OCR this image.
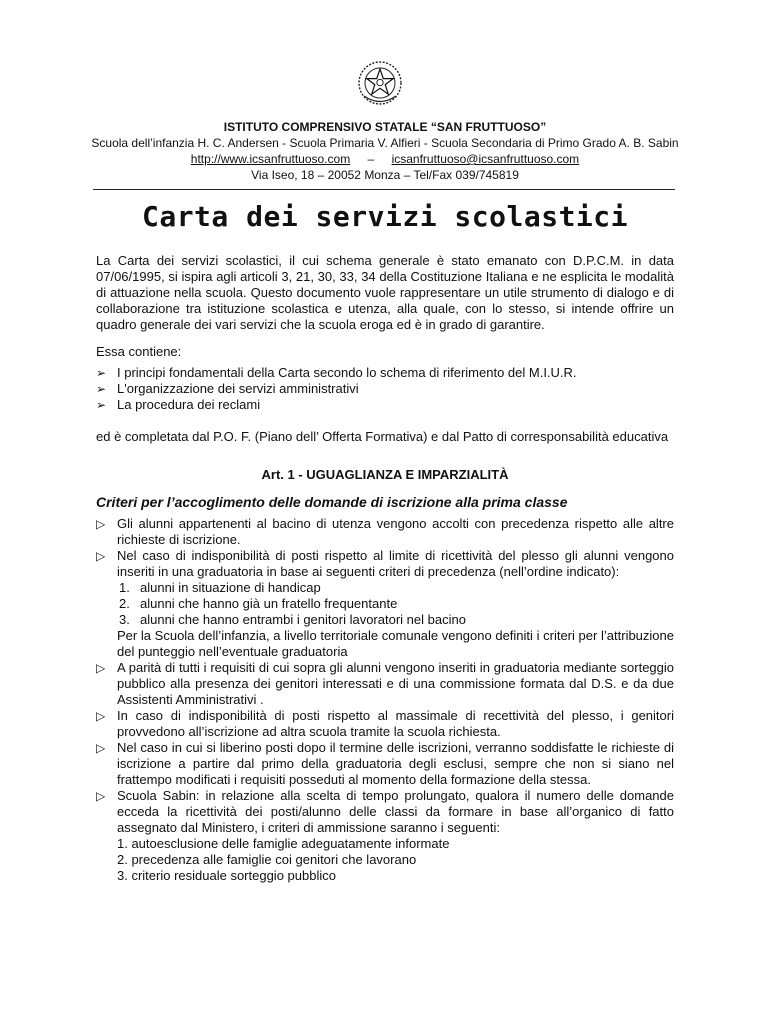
ISTITUTO COMPRENSIVO STATALE “SAN FRUTTUOSO”
Scuola dell’infanzia H. C. Andersen - Scuola Primaria V. Alfieri - Scuola Secondaria di Primo Grado A. B. Sabin
http://www.icsanfruttuoso.com – icsanfruttuoso@icsanfruttuoso.com
Via Iseo, 18 – 20052 Monza – Tel/Fax 039/745819
Carta dei servizi scolastici
La Carta dei servizi scolastici, il cui schema generale è stato emanato con D.P.C.M. in data 07/06/1995, si ispira agli articoli 3, 21, 30, 33, 34 della Costituzione Italiana e ne esplicita le modalità di attuazione nella scuola. Questo documento vuole rappresentare un utile strumento di dialogo e di collaborazione tra istituzione scolastica e utenza, alla quale, con lo stesso, si intende offrire un quadro generale dei vari servizi che la scuola eroga ed è in grado di garantire.
Essa contiene:
➢ I principi fondamentali della Carta secondo lo schema di riferimento del M.I.U.R.
➢ L'organizzazione dei servizi amministrativi
➢ La procedura dei reclami
ed è completata dal P.O. F. (Piano dell’ Offerta Formativa) e dal Patto di corresponsabilità educativa
Art. 1 - UGUAGLIANZA E IMPARZIALITÀ
Criteri per l’accoglimento delle domande di iscrizione alla prima classe
▷ Gli alunni appartenenti al bacino di utenza vengono accolti con precedenza rispetto alle altre richieste di iscrizione.
▷ Nel caso di indisponibilità di posti rispetto al limite di ricettività del plesso gli alunni vengono inseriti in una graduatoria in base ai seguenti criteri di precedenza (nell’ordine indicato):
1. alunni in situazione di handicap
2. alunni che hanno già un fratello frequentante
3. alunni che hanno entrambi i genitori lavoratori nel bacino
Per la Scuola dell’infanzia, a livello territoriale comunale vengono definiti i criteri per l’attribuzione del punteggio nell’eventuale graduatoria
▷ A parità di tutti i requisiti di cui sopra gli alunni vengono inseriti in graduatoria mediante sorteggio pubblico alla presenza dei genitori interessati e di una commissione formata dal D.S. e da due Assistenti Amministrativi .
▷ In caso di indisponibilità di posti rispetto al massimale di recettività del plesso, i genitori provvedono all’iscrizione ad altra scuola tramite la scuola richiesta.
▷ Nel caso in cui si liberino posti dopo il termine delle iscrizioni, verranno soddisfatte le richieste di iscrizione a partire dal primo della graduatoria degli esclusi, sempre che non si siano nel frattempo modificati i requisiti posseduti al momento della formazione della stessa.
▷ Scuola Sabin: in relazione alla scelta di tempo prolungato, qualora il numero delle domande ecceda la ricettività dei posti/alunno delle classi da formare in base all’organico di fatto assegnato dal Ministero, i criteri di ammissione saranno i seguenti:
1. autoesclusione delle famiglie adeguatamente informate
2. precedenza alle famiglie coi genitori che lavorano
3. criterio residuale sorteggio pubblico
